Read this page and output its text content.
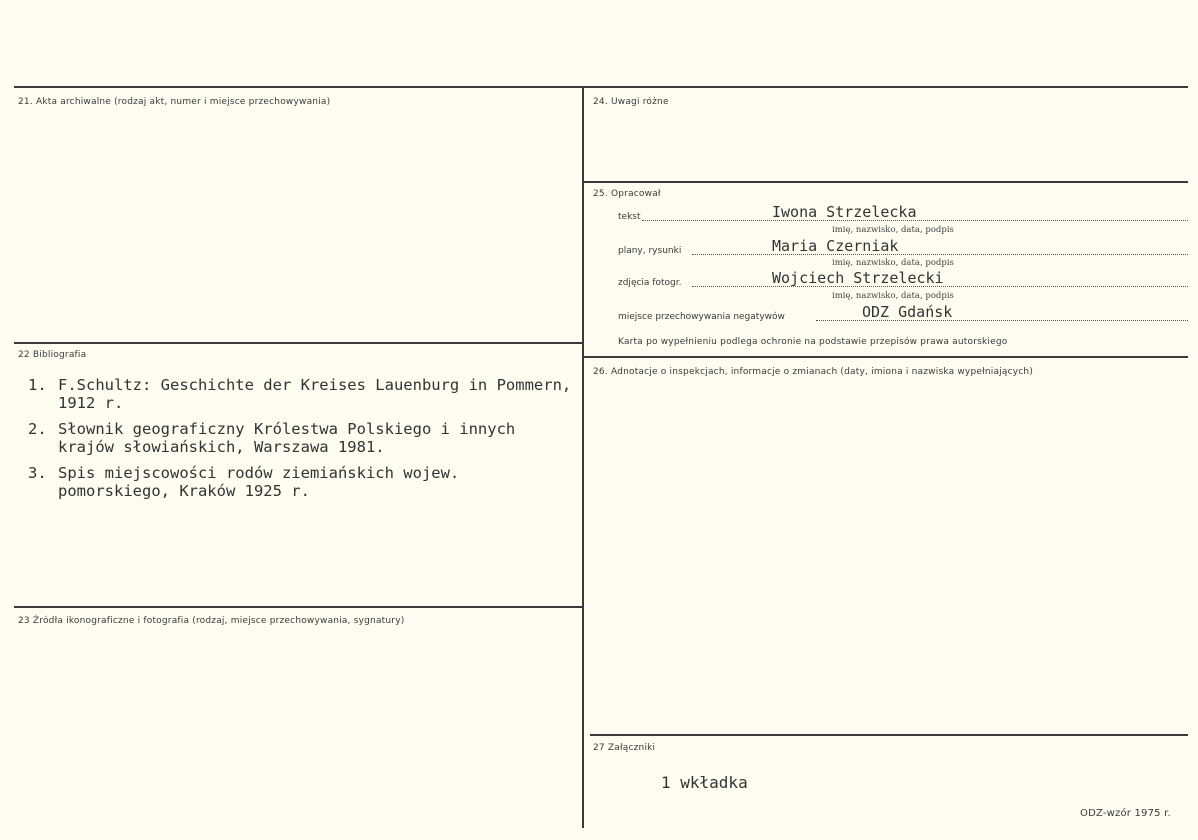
21. Akta archiwalne (rodzaj akt, numer i miejsce przechowywania)
22 Bibliografia
1. F.Schultz: Geschichte der Kreises Lauenburg in Pommern, 1912 r.
2. Słownik geograficzny Królestwa Polskiego i innych krajów słowiańskich, Warszawa 1981.
3. Spis miejscowości rodów ziemiańskich wojew. pomorskiego, Kraków 1925 r.
23 Źródła ikonograficzne i fotografia (rodzaj, miejsce przechowywania, sygnatury)
24. Uwagi różne
25. Opracował
tekst	Iwona Strzelecka
imię, nazwisko, data, podpis
plany, rysunki	Maria Czerniak
imię, nazwisko, data, podpis
zdjęcia fotogr.	Wojciech Strzelecki
imię, nazwisko, data, podpis
miejsce przechowywania negatywów	ODZ Gdańsk
Karta po wypełnieniu podlega ochronie na podstawie przepisów prawa autorskiego
26. Adnotacje o inspekcjach, informacje o zmianach (daty, imiona i nazwiska wypełniających)
27 Załączniki
1 wkładka
ODZ-wzór 1975 r.
